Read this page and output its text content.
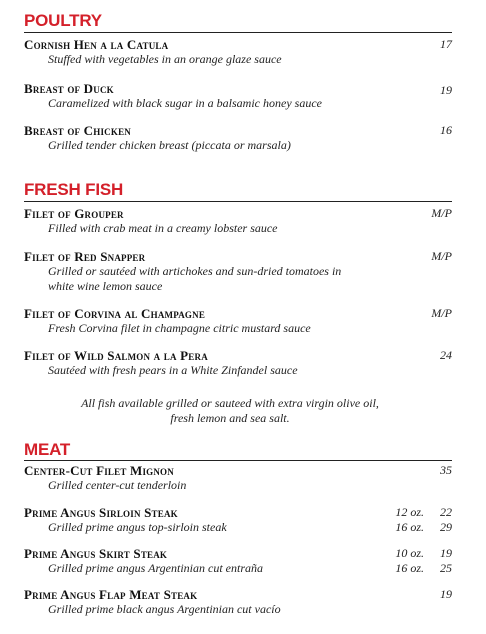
POULTRY
Cornish Hen a la Catula
Stuffed with vegetables in an orange glaze sauce
17
Breast of Duck
Caramelized with black sugar in a balsamic honey sauce
19
Breast of Chicken
Grilled tender chicken breast (piccata or marsala)
16
FRESH FISH
Filet of Grouper
Filled with crab meat in a creamy lobster sauce
M/P
Filet of Red Snapper
Grilled or sautéed with artichokes and sun-dried tomatoes in
white wine lemon sauce
M/P
Filet of Corvina al Champagne
Fresh Corvina filet in champagne citric mustard sauce
M/P
Filet of Wild Salmon a la Pera
Sautéed with fresh pears in a White Zinfandel sauce
24
All fish available grilled or sauteed with extra virgin olive oil,
fresh lemon and sea salt.
MEAT
Center-Cut Filet Mignon
Grilled center-cut tenderloin
35
Prime Angus Sirloin Steak
Grilled prime angus top-sirloin steak
12 oz.
16 oz.
22
29
Prime Angus Skirt Steak
Grilled prime angus Argentinian cut entraña
10 oz.
16 oz.
19
25
Prime Angus Flap Meat Steak
Grilled prime black angus Argentinian cut vacío
19
